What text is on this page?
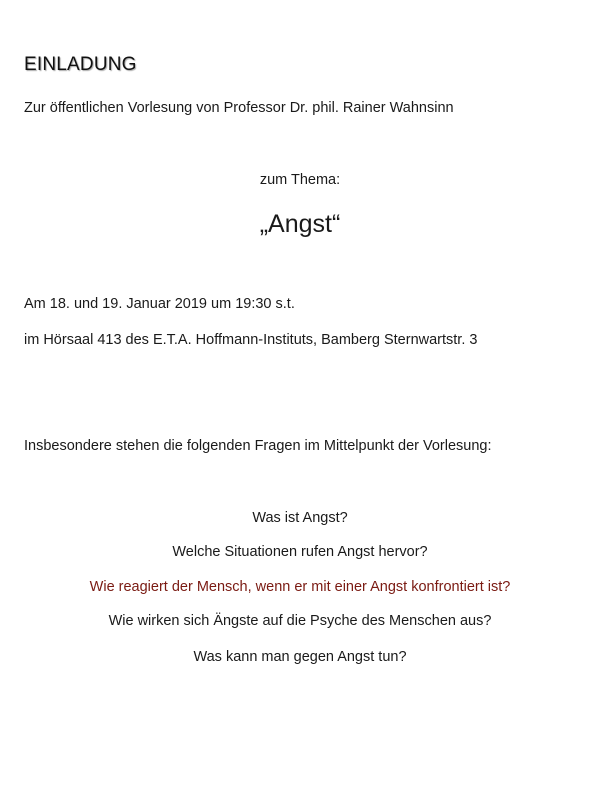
EINLADUNG
Zur öffentlichen Vorlesung von Professor Dr. phil. Rainer Wahnsinn
zum Thema:
„Angst“
Am 18. und 19. Januar 2019 um 19:30 s.t.
im Hörsaal 413 des E.T.A. Hoffmann-Instituts, Bamberg Sternwartstr. 3
Insbesondere stehen die folgenden Fragen im Mittelpunkt der Vorlesung:
Was ist Angst?
Welche Situationen rufen Angst hervor?
Wie reagiert der Mensch, wenn er mit einer Angst konfrontiert ist?
Wie wirken sich Ängste auf die Psyche des Menschen aus?
Was kann man gegen Angst tun?
